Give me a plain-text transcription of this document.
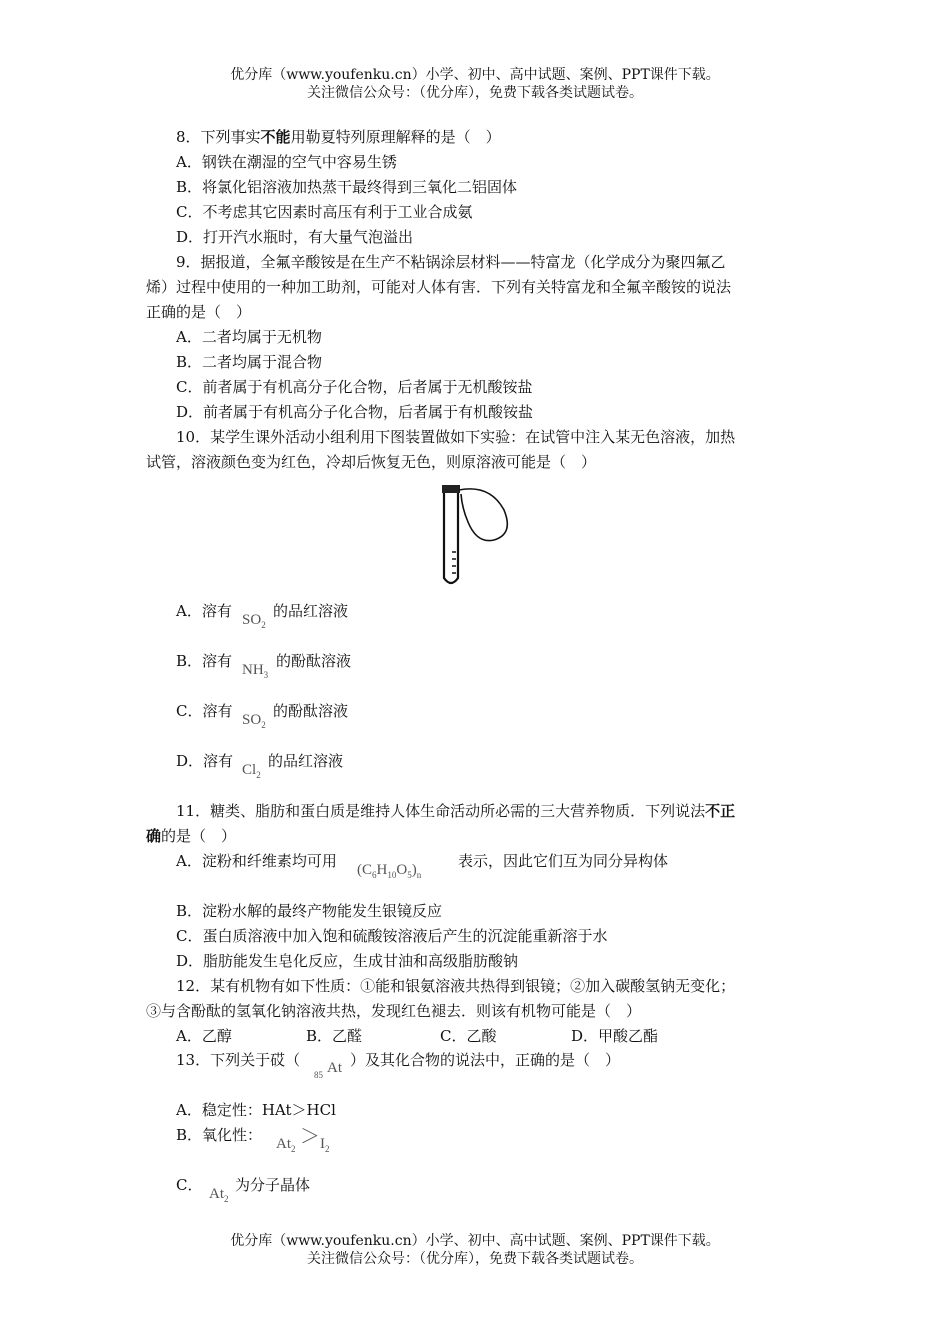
优分库（www.youfenku.cn）小学、初中、高中试题、案例、PPT课件下载。
关注微信公众号：（优分库），免费下载各类试题试卷。
8．下列事实不能用勒夏特列原理解释的是（　）
A．钢铁在潮湿的空气中容易生锈
B．将氯化铝溶液加热蒸干最终得到三氧化二铝固体
C．不考虑其它因素时高压有利于工业合成氨
D．打开汽水瓶时，有大量气泡溢出
9．据报道，全氟辛酸铵是在生产不粘锅涂层材料——特富龙（化学成分为聚四氟乙
烯）过程中使用的一种加工助剂，可能对人体有害．下列有关特富龙和全氟辛酸铵的说法
正确的是（　）
A．二者均属于无机物
B．二者均属于混合物
C．前者属于有机高分子化合物，后者属于无机酸铵盐
D．前者属于有机高分子化合物，后者属于有机酸铵盐
10．某学生课外活动小组利用下图装置做如下实验：在试管中注入某无色溶液，加热
试管，溶液颜色变为红色，冷却后恢复无色，则原溶液可能是（　）
A．溶有 $SO_2$
的品红溶液
B．溶有 $NH_3$
的酚酞溶液
C．溶有 $SO_2$
的酚酞溶液
D．溶有 $Cl_2$
的品红溶液
11．糖类、脂肪和蛋白质是维持人体生命活动所必需的三大营养物质．下列说法不正
确的是（　）
A．淀粉和纤维素均可用 $(C_6H_{10}O_5)_n$
表示，因此它们互为同分异构体
B．淀粉水解的最终产物能发生银镜反应
C．蛋白质溶液中加入饱和硫酸铵溶液后产生的沉淀能重新溶于水
D．脂肪能发生皂化反应，生成甘油和高级脂肪酸钠
12．某有机物有如下性质：①能和银氨溶液共热得到银镜；②加入碳酸氢钠无变化；
③与含酚酞的氢氧化钠溶液共热，发现红色褪去．则该有机物可能是（　）
A．乙醇	B．乙醛	C．乙酸	D．甲酸乙酯
13．下列关于砹（
85 At ）及其化合物的说法中，正确的是（　）
A．稳定性：HAt＞HCl
B．氧化性： $At_2$
＞ $I_2$
C． $At_2$
为分子晶体
优分库（www.youfenku.cn）小学、初中、高中试题、案例、PPT课件下载。
关注微信公众号：（优分库），免费下载各类试题试卷。
